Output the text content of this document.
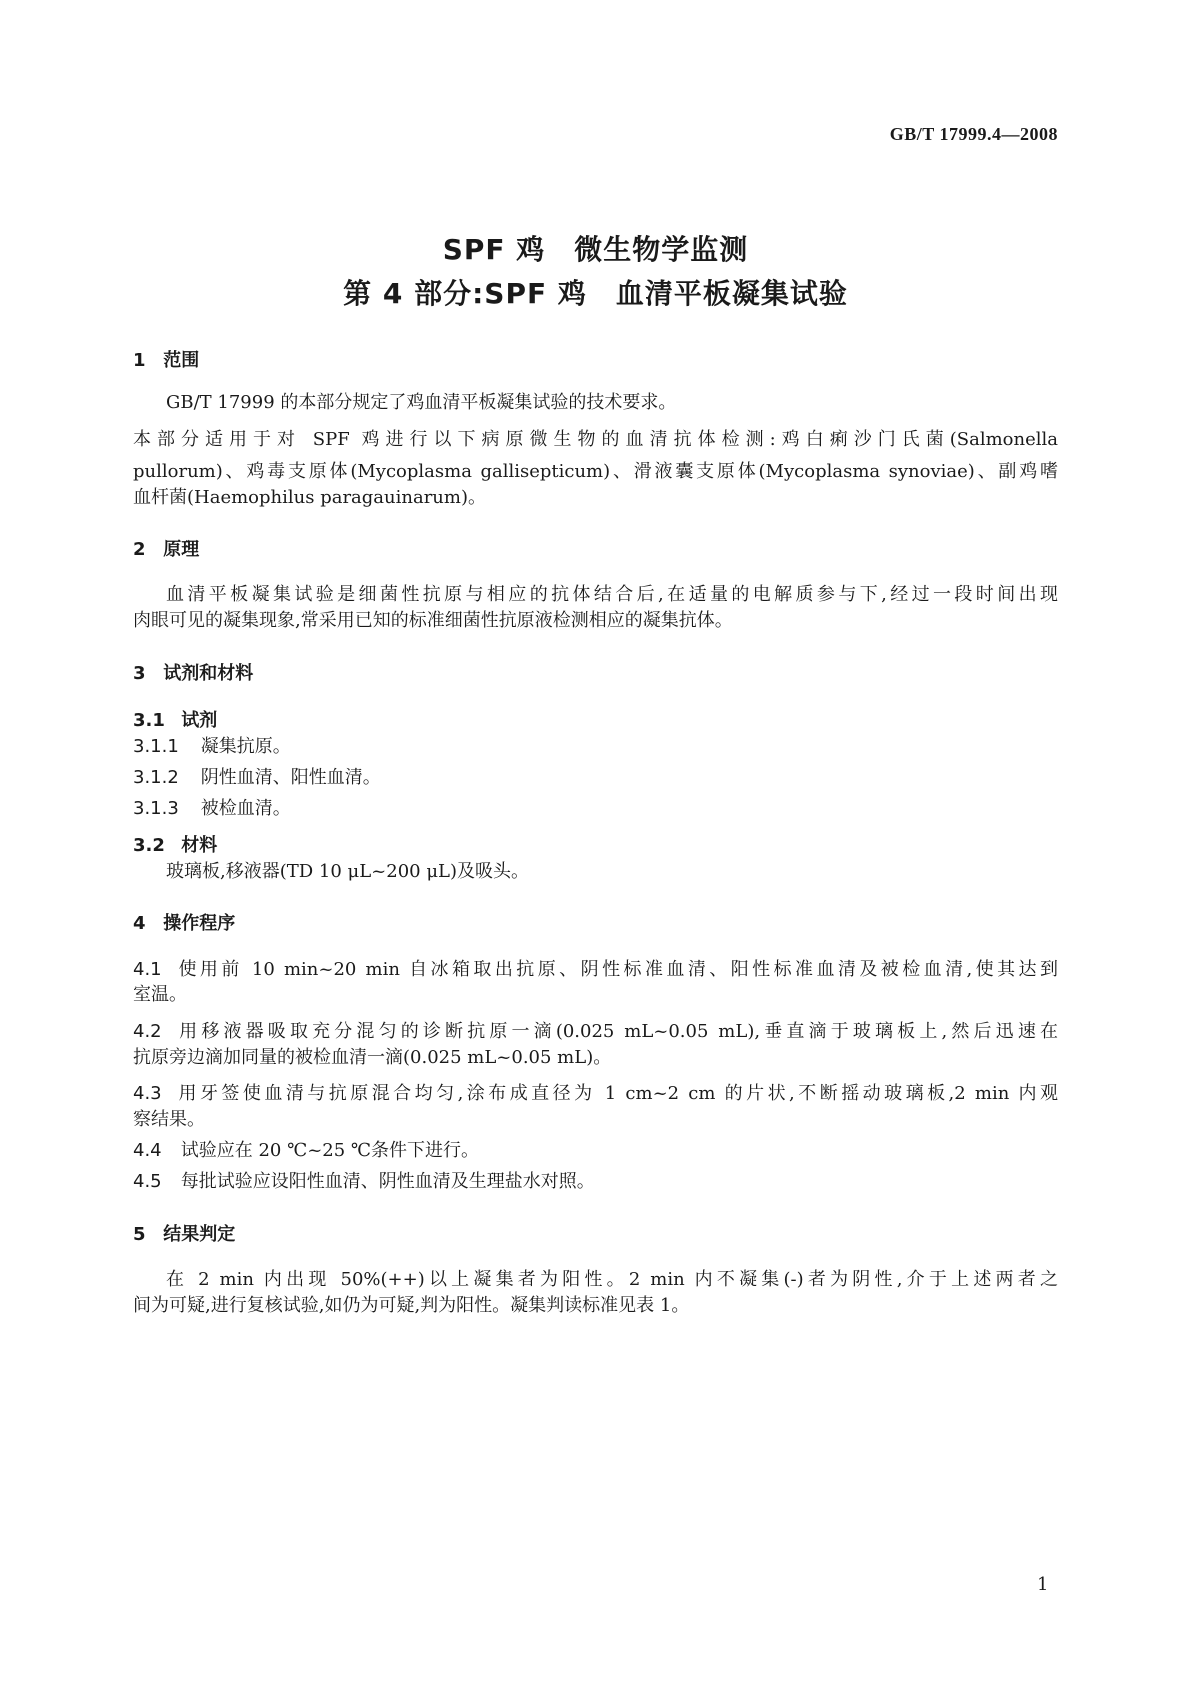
GB/T 17999.4—2008
SPF 鸡　微生物学监测
第 4 部分:SPF 鸡　血清平板凝集试验
1 范围
GB/T 17999 的本部分规定了鸡血清平板凝集试验的技术要求。
本部分适用于对 SPF 鸡进行以下病原微生物的血清抗体检测:鸡白痢沙门氏菌(Salmonella
pullorum)、鸡毒支原体(Mycoplasma gallisepticum)、滑液囊支原体(Mycoplasma synoviae)、副鸡嗜
血杆菌(Haemophilus paragauinarum)。
2 原理
血清平板凝集试验是细菌性抗原与相应的抗体结合后,在适量的电解质参与下,经过一段时间出现
肉眼可见的凝集现象,常采用已知的标准细菌性抗原液检测相应的凝集抗体。
3 试剂和材料
3.1 试剂
3.1.1 凝集抗原。
3.1.2 阴性血清、阳性血清。
3.1.3 被检血清。
3.2 材料
玻璃板,移液器(TD 10 μL~200 μL)及吸头。
4 操作程序
4.1 使用前 10 min~20 min 自冰箱取出抗原、阴性标准血清、阳性标准血清及被检血清,使其达到
室温。
4.2 用移液器吸取充分混匀的诊断抗原一滴(0.025 mL~0.05 mL),垂直滴于玻璃板上,然后迅速在
抗原旁边滴加同量的被检血清一滴(0.025 mL~0.05 mL)。
4.3 用牙签使血清与抗原混合均匀,涂布成直径为 1 cm~2 cm 的片状,不断摇动玻璃板,2 min 内观
察结果。
4.4 试验应在 20 ℃~25 ℃条件下进行。
4.5 每批试验应设阳性血清、阴性血清及生理盐水对照。
5 结果判定
在 2 min 内出现 50%(++)以上凝集者为阳性。2 min 内不凝集(-)者为阴性,介于上述两者之
间为可疑,进行复核试验,如仍为可疑,判为阳性。凝集判读标准见表 1。
1
